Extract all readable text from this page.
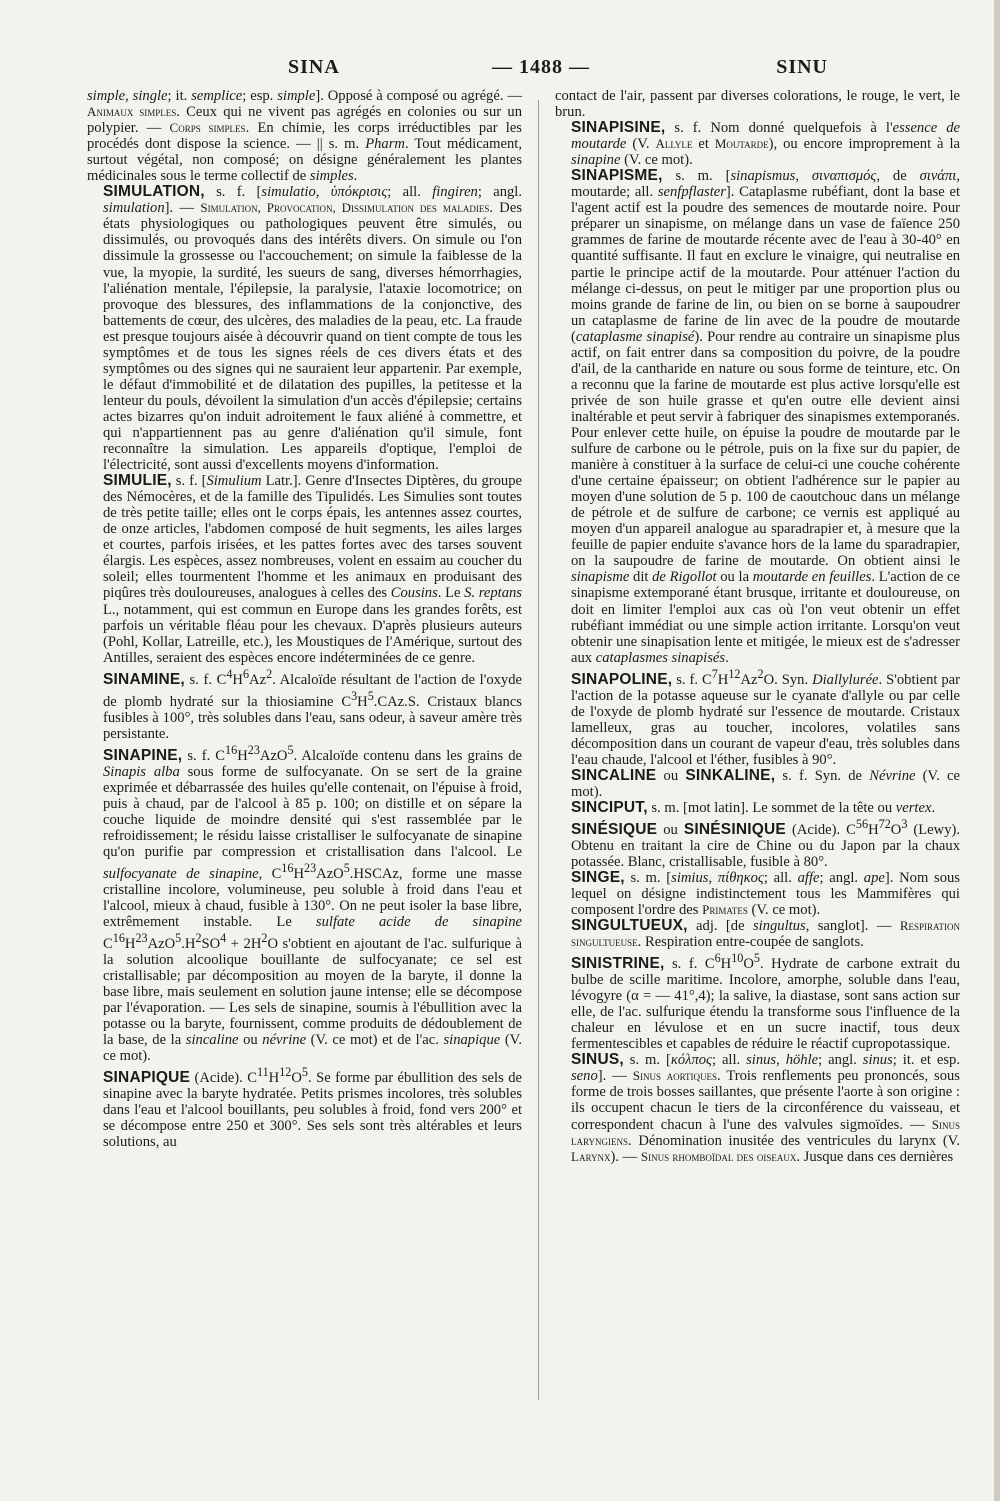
SINA	— 1488 —	SINU

simple, single; it. semplice; esp. simple]. Opposé à composé ou agrégé. — Animaux simples. Ceux qui ne vivent pas agrégés en colonies ou sur un polypier. — Corps simples. En chimie, les corps irréductibles par les procédés dont dispose la science. — || s. m. Pharm. Tout médicament, surtout végétal, non composé; on désigne généralement les plantes médicinales sous le terme collectif de simples.

SIMULATION, s. f. [simulatio, ὑπόκρισις; all. fingiren; angl. simulation]. — Simulation, Provocation, Dissimulation des maladies. Des états physiologiques ou pathologiques peuvent être simulés, ou dissimulés, ou provoqués dans des intérêts divers. On simule ou l'on dissimule la grossesse ou l'accouchement; on simule la faiblesse de la vue, la myopie, la surdité, les sueurs de sang, diverses hémorrhagies, l'aliénation mentale, l'épilepsie, la paralysie, l'ataxie locomotrice; on provoque des blessures, des inflammations de la conjonctive, des battements de cœur, des ulcères, des maladies de la peau, etc. La fraude est presque toujours aisée à découvrir quand on tient compte de tous les symptômes et de tous les signes réels de ces divers états et des symptômes ou des signes qui ne sauraient leur appartenir. Par exemple, le défaut d'immobilité et de dilatation des pupilles, la petitesse et la lenteur du pouls, dévoilent la simulation d'un accès d'épilepsie; certains actes bizarres qu'on induit adroitement le faux aliéné à commettre, et qui n'appartiennent pas au genre d'aliénation qu'il simule, font reconnaître la simulation. Les appareils d'optique, l'emploi de l'électricité, sont aussi d'excellents moyens d'information.

SIMULIE, s. f. [Simulium Latr.]. Genre d'Insectes Diptères, du groupe des Némocères, et de la famille des Tipulidés. Les Simulies sont toutes de très petite taille; elles ont le corps épais, les antennes assez courtes, de onze articles, l'abdomen composé de huit segments, les ailes larges et courtes, parfois irisées, et les pattes fortes avec des tarses souvent élargis. Les espèces, assez nombreuses, volent en essaim au coucher du soleil; elles tourmentent l'homme et les animaux en produisant des piqûres très douloureuses, analogues à celles des Cousins. Le S. reptans L., notamment, qui est commun en Europe dans les grandes forêts, est parfois un véritable fléau pour les chevaux. D'après plusieurs auteurs (Pohl, Kollar, Latreille, etc.), les Moustiques de l'Amérique, surtout des Antilles, seraient des espèces encore indéterminées de ce genre.

SINAMINE, s. f. $C^4H^6Az^2$. Alcaloïde résultant de l'action de l'oxyde de plomb hydraté sur la thiosiamine $C^3H^5.CAz.S$. Cristaux blancs fusibles à 100°, très solubles dans l'eau, sans odeur, à saveur amère très persistante.

SINAPINE, s. f. $C^{16}H^{23}AzO^5$. Alcaloïde contenu dans les grains de Sinapis alba sous forme de sulfocyanate. On se sert de la graine exprimée et débarrassée des huiles qu'elle contenait, on l'épuise à froid, puis à chaud, par de l'alcool à 85 p. 100; on distille et on sépare la couche liquide de moindre densité qui s'est rassemblée par le refroidissement; le résidu laisse cristalliser le sulfocyanate de sinapine qu'on purifie par compression et cristallisation dans l'alcool. Le sulfocyanate de sinapine, $C^{16}H^{23}AzO^5.HSCAz$, forme une masse cristalline incolore, volumineuse, peu soluble à froid dans l'eau et l'alcool, mieux à chaud, fusible à 130°. On ne peut isoler la base libre, extrêmement instable. Le sulfate acide de sinapine $C^{16}H^{23}AzO^5.H^2SO^4 + 2H^2O$ s'obtient en ajoutant de l'ac. sulfurique à la solution alcoolique bouillante de sulfocyanate; ce sel est cristallisable; par décomposition au moyen de la baryte, il donne la base libre, mais seulement en solution jaune intense; elle se décompose par l'évaporation. — Les sels de sinapine, soumis à l'ébullition avec la potasse ou la baryte, fournissent, comme produits de dédoublement de la base, de la sincaline ou névrine (V. ce mot) et de l'ac. sinapique (V. ce mot).

SINAPIQUE (Acide). $C^{11}H^{12}O^5$. Se forme par ébullition des sels de sinapine avec la baryte hydratée. Petits prismes incolores, très solubles dans l'eau et l'alcool bouillants, peu solubles à froid, fond vers 200° et se décompose entre 250 et 300°. Ses sels sont très altérables et leurs solutions, au

contact de l'air, passent par diverses colorations, le rouge, le vert, le brun.

SINAPISINE, s. f. Nom donné quelquefois à l'essence de moutarde (V. Allyle et Moutarde), ou encore improprement à la sinapine (V. ce mot).

SINAPISME, s. m. [sinapismus, σιναπισμός, de σινάπι, moutarde; all. senfpflaster]. Cataplasme rubéfiant, dont la base et l'agent actif est la poudre des semences de moutarde noire. Pour préparer un sinapisme, on mélange dans un vase de faïence 250 grammes de farine de moutarde récente avec de l'eau à 30-40° en quantité suffisante. Il faut en exclure le vinaigre, qui neutralise en partie le principe actif de la moutarde. Pour atténuer l'action du mélange ci-dessus, on peut le mitiger par une proportion plus ou moins grande de farine de lin, ou bien on se borne à saupoudrer un cataplasme de farine de lin avec de la poudre de moutarde (cataplasme sinapisé). Pour rendre au contraire un sinapisme plus actif, on fait entrer dans sa composition du poivre, de la poudre d'ail, de la cantharide en nature ou sous forme de teinture, etc. On a reconnu que la farine de moutarde est plus active lorsqu'elle est privée de son huile grasse et qu'en outre elle devient ainsi inaltérable et peut servir à fabriquer des sinapismes extemporanés. Pour enlever cette huile, on épuise la poudre de moutarde par le sulfure de carbone ou le pétrole, puis on la fixe sur du papier, de manière à constituer à la surface de celui-ci une couche cohérente d'une certaine épaisseur; on obtient l'adhérence sur le papier au moyen d'une solution de 5 p. 100 de caoutchouc dans un mélange de pétrole et de sulfure de carbone; ce vernis est appliqué au moyen d'un appareil analogue au sparadrapier et, à mesure que la feuille de papier enduite s'avance hors de la lame du sparadrapier, on la saupoudre de farine de moutarde. On obtient ainsi le sinapisme dit de Rigollot ou la moutarde en feuilles. L'action de ce sinapisme extemporané étant brusque, irritante et douloureuse, on doit en limiter l'emploi aux cas où l'on veut obtenir un effet rubéfiant immédiat ou une simple action irritante. Lorsqu'on veut obtenir une sinapisation lente et mitigée, le mieux est de s'adresser aux cataplasmes sinapisés.

SINAPOLINE, s. f. $C^7H^{12}Az^2O$. Syn. Diallylurée. S'obtient par l'action de la potasse aqueuse sur le cyanate d'allyle ou par celle de l'oxyde de plomb hydraté sur l'essence de moutarde. Cristaux lamelleux, gras au toucher, incolores, volatiles sans décomposition dans un courant de vapeur d'eau, très solubles dans l'eau chaude, l'alcool et l'éther, fusibles à 90°.

SINCALINE ou SINKALINE, s. f. Syn. de Névrine (V. ce mot).

SINCIPUT, s. m. [mot latin]. Le sommet de la tête ou vertex.

SINÉSIQUE ou SINÉSINIQUE (Acide). $C^{56}H^{72}O^3$ (Lewy). Obtenu en traitant la cire de Chine ou du Japon par la chaux potassée. Blanc, cristallisable, fusible à 80°.

SINGE, s. m. [simius, πίθηκος; all. affe; angl. ape]. Nom sous lequel on désigne indistinctement tous les Mammifères qui composent l'ordre des Primates (V. ce mot).

SINGULTUEUX, adj. [de singultus, sanglot]. — Respiration singultueuse. Respiration entre-coupée de sanglots.

SINISTRINE, s. f. $C^6H^{10}O^5$. Hydrate de carbone extrait du bulbe de scille maritime. Incolore, amorphe, soluble dans l'eau, lévogyre (α = — 41°,4); la salive, la diastase, sont sans action sur elle, de l'ac. sulfurique étendu la transforme sous l'influence de la chaleur en lévulose et en un sucre inactif, tous deux fermentescibles et capables de réduire le réactif cupropotassique.

SINUS, s. m. [κόλπος; all. sinus, höhle; angl. sinus; it. et esp. seno]. — Sinus aortiques. Trois renflements peu prononcés, sous forme de trois bosses saillantes, que présente l'aorte à son origine : ils occupent chacun le tiers de la circonférence du vaisseau, et correspondent chacun à l'une des valvules sigmoïdes. — Sinus laryngiens. Dénomination inusitée des ventricules du larynx (V. Larynx). — Sinus rhomboïdal des oiseaux. Jusque dans ces dernières
